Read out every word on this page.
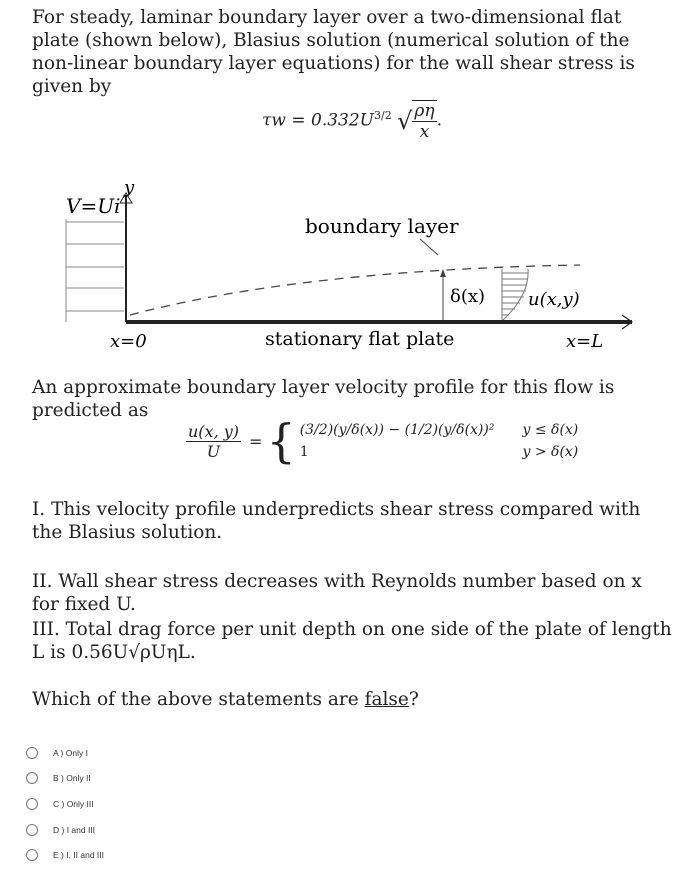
For steady, laminar boundary layer over a two-dimensional flat plate (shown below), Blasius solution (numerical solution of the non-linear boundary layer equations) for the wall shear stress is given by
$\tau w = 0.332U^{3/2}$ √ $\frac{\rho\eta}{x}$ .
y
V=Ui
boundary layer
δ(x) u(x,y)
x=0	stationary flat plate	x=L
An approximate boundary layer velocity profile for this flow is predicted as
$\frac{u(x, y)}{U}$ = { (3/2)(y/δ(x)) − (1/2)(y/δ(x))² y ≤ δ(x)
1	y > δ(x)
I. This velocity profile underpredicts shear stress compared with the Blasius solution.
II. Wall shear stress decreases with Reynolds number based on x for fixed U.
III. Total drag force per unit depth on one side of the plate of length L is 0.56U√ρUηL.
Which of the above statements are false?
A ) Only I
B ) Only II
C ) Only III
D ) I and III
E ) I, II and III
